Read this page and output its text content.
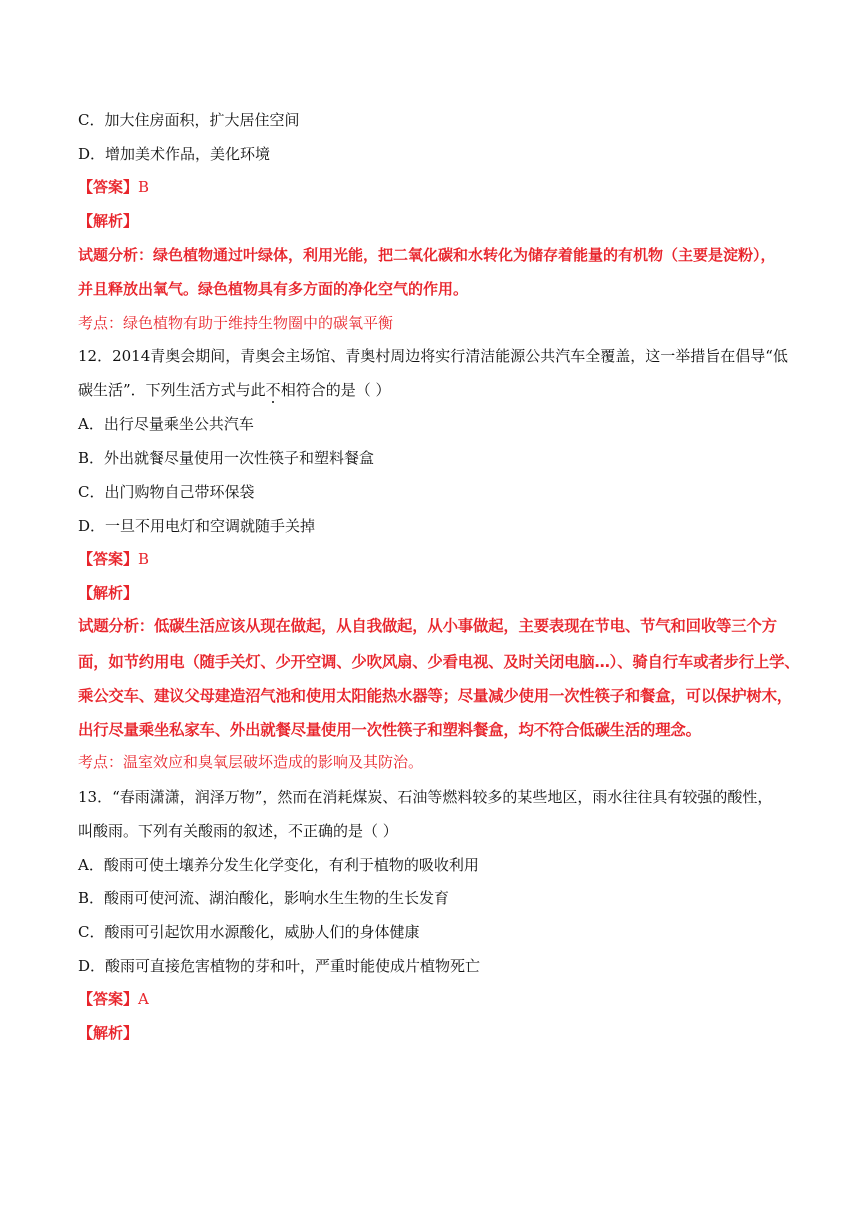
C．加大住房面积，扩大居住空间
D．增加美术作品，美化环境
【答案】B
【解析】
试题分析：绿色植物通过叶绿体，利用光能，把二氧化碳和水转化为储存着能量的有机物（主要是淀粉），
并且释放出氧气。绿色植物具有多方面的净化空气的作用。
考点：绿色植物有助于维持生物圈中的碳氧平衡
12．2014青奥会期间，青奥会主场馆、青奥村周边将实行清洁能源公共汽车全覆盖，这一举措旨在倡导“低
碳生活”．下列生活方式与此不相符合的是（ ）
A．出行尽量乘坐公共汽车
B．外出就餐尽量使用一次性筷子和塑料餐盒
C．出门购物自己带环保袋
D．一旦不用电灯和空调就随手关掉
【答案】B
【解析】
试题分析：低碳生活应该从现在做起，从自我做起，从小事做起，主要表现在节电、节气和回收等三个方
面，如节约用电（随手关灯、少开空调、少吹风扇、少看电视、及时关闭电脑…）、骑自行车或者步行上学、
乘公交车、建议父母建造沼气池和使用太阳能热水器等；尽量减少使用一次性筷子和餐盒，可以保护树木，
出行尽量乘坐私家车、外出就餐尽量使用一次性筷子和塑料餐盒，均不符合低碳生活的理念。
考点：温室效应和臭氧层破坏造成的影响及其防治。
13．“春雨潇潇，润泽万物”，然而在消耗煤炭、石油等燃料较多的某些地区，雨水往往具有较强的酸性，
叫酸雨。下列有关酸雨的叙述，不正确的是（ ）
A．酸雨可使土壤养分发生化学变化，有利于植物的吸收利用
B．酸雨可使河流、湖泊酸化，影响水生生物的生长发育
C．酸雨可引起饮用水源酸化，威胁人们的身体健康
D．酸雨可直接危害植物的芽和叶，严重时能使成片植物死亡
【答案】A
【解析】
